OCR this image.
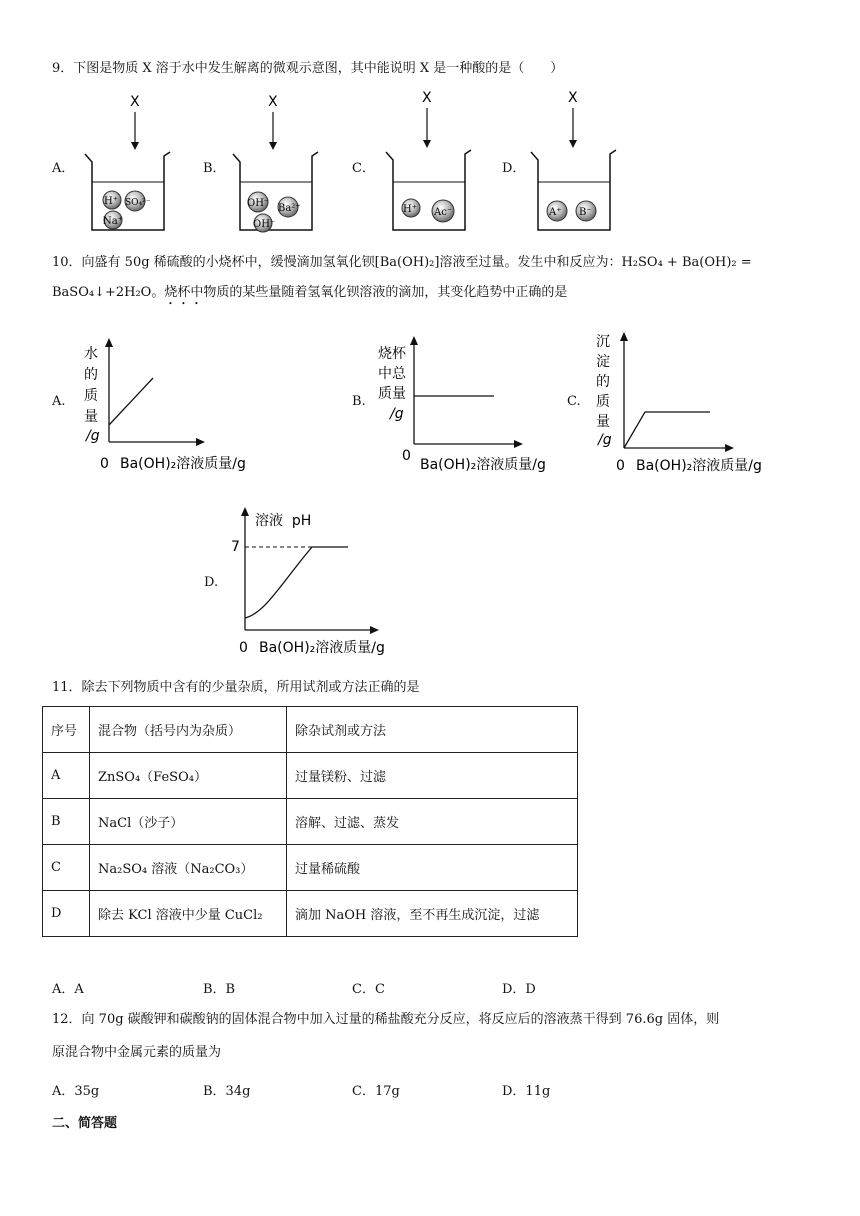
9．下图是物质 X 溶于水中发生解离的微观示意图，其中能说明 X 是一种酸的是（　　）
A．	B．	C．	D．
X
H⁺ SO₄²⁻
Na⁺
X
OH⁻ Ba²⁺
OH⁻
X
H⁺ Ac⁻
X
A⁺ B⁻
10．向盛有 50g 稀硫酸的小烧杯中，缓慢滴加氢氧化钡[Ba(OH)₂]溶液至过量。发生中和反应为：H₂SO₄ + Ba(OH)₂ =
BaSO₄↓+2H₂O。烧杯中物质的某些量随着氢氧化钡溶液的滴加，其变化趋势中正确的是
A.
水
的
质
量
/g
0 Ba(OH)₂溶液质量/g
B.
烧杯
中总
质量
/g
0
Ba(OH)₂溶液质量/g
C.
沉
淀
的
质
量
/g
0 Ba(OH)₂溶液质量/g
D.
溶液  pH
7
0 Ba(OH)₂溶液质量/g
11．除去下列物质中含有的少量杂质，所用试剂或方法正确的是
序号	混合物（括号内为杂质）	除杂试剂或方法
A	ZnSO₄（FeSO₄）	过量镁粉、过滤
B	NaCl（沙子）	溶解、过滤、蒸发
C	Na₂SO₄ 溶液（Na₂CO₃）	过量稀硫酸
D	除去 KCl 溶液中少量 CuCl₂	滴加 NaOH 溶液，至不再生成沉淀，过滤
A．A	B．B	C．C	D．D
12．向 70g 碳酸钾和碳酸钠的固体混合物中加入过量的稀盐酸充分反应，将反应后的溶液蒸干得到 76.6g 固体，则
原混合物中金属元素的质量为
A．35g	B．34g	C．17g	D．11g
二、简答题
